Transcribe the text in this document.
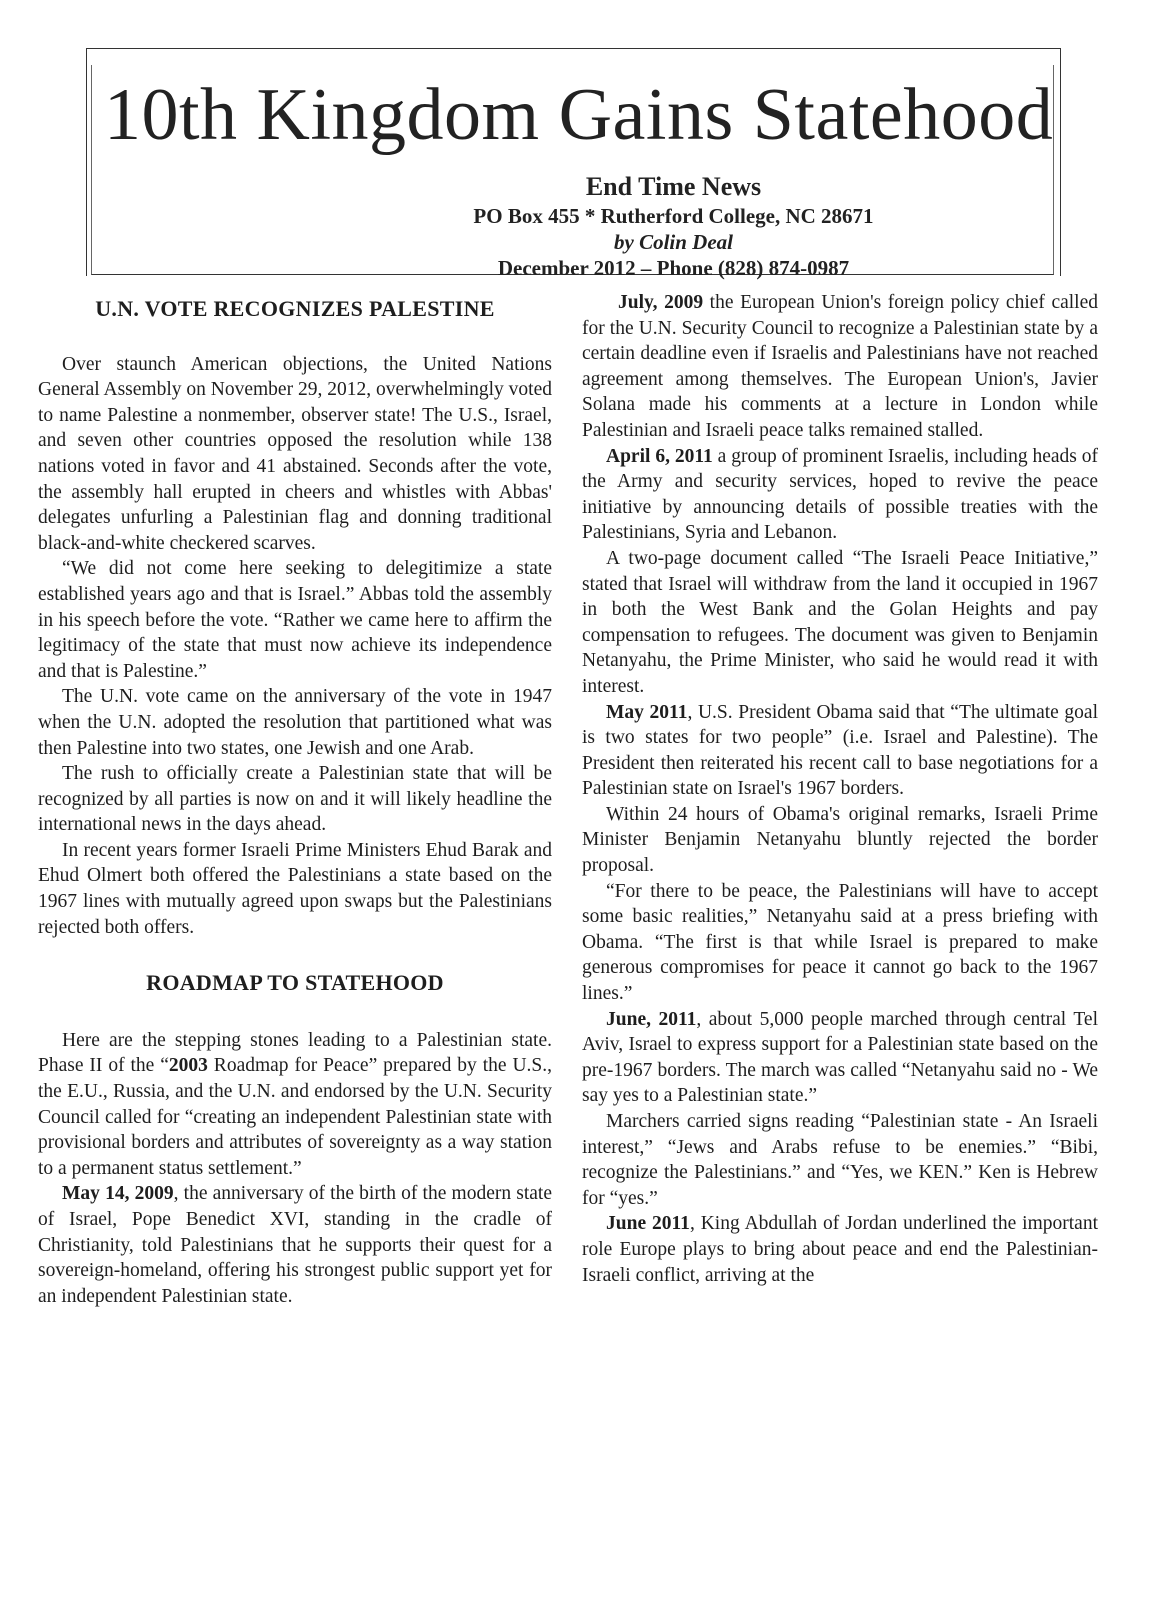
10th Kingdom Gains Statehood
End Time News
PO Box 455 * Rutherford College, NC 28671
by Colin Deal
December 2012 – Phone (828) 874-0987
U.N. VOTE RECOGNIZES PALESTINE

Over staunch American objections, the United Nations General Assembly on November 29, 2012, overwhelmingly voted to name Palestine a nonmember, observer state! The U.S., Israel, and seven other countries opposed the resolution while 138 nations voted in favor and 41 abstained. Seconds after the vote, the assembly hall erupted in cheers and whistles with Abbas' delegates unfurling a Palestinian flag and donning traditional black-and-white checkered scarves.

“We did not come here seeking to delegitimize a state established years ago and that is Israel.” Abbas told the assembly in his speech before the vote. “Rather we came here to affirm the legitimacy of the state that must now achieve its independence and that is Palestine.”

The U.N. vote came on the anniversary of the vote in 1947 when the U.N. adopted the resolution that partitioned what was then Palestine into two states, one Jewish and one Arab.

The rush to officially create a Palestinian state that will be recognized by all parties is now on and it will likely headline the international news in the days ahead.

In recent years former Israeli Prime Ministers Ehud Barak and Ehud Olmert both offered the Palestinians a state based on the 1967 lines with mutually agreed upon swaps but the Palestinians rejected both offers.

ROADMAP TO STATEHOOD

Here are the stepping stones leading to a Palestinian state. Phase II of the “2003 Roadmap for Peace” prepared by the U.S., the E.U., Russia, and the U.N. and endorsed by the U.N. Security Council called for “creating an independent Palestinian state with provisional borders and attributes of sovereignty as a way station to a permanent status settlement.”

May 14, 2009, the anniversary of the birth of the modern state of Israel, Pope Benedict XVI, standing in the cradle of Christianity, told Palestinians that he supports their quest for a sovereign-homeland, offering his strongest public support yet for an independent Palestinian state.

July, 2009 the European Union's foreign policy chief called for the U.N. Security Council to recognize a Palestinian state by a certain deadline even if Israelis and Palestinians have not reached agreement among themselves. The European Union's, Javier Solana made his comments at a lecture in London while Palestinian and Israeli peace talks remained stalled.

April 6, 2011 a group of prominent Israelis, including heads of the Army and security services, hoped to revive the peace initiative by announcing details of possible treaties with the Palestinians, Syria and Lebanon.

A two-page document called “The Israeli Peace Initiative,” stated that Israel will withdraw from the land it occupied in 1967 in both the West Bank and the Golan Heights and pay compensation to refugees. The document was given to Benjamin Netanyahu, the Prime Minister, who said he would read it with interest.

May 2011, U.S. President Obama said that “The ultimate goal is two states for two people” (i.e. Israel and Palestine). The President then reiterated his recent call to base negotiations for a Palestinian state on Israel's 1967 borders.

Within 24 hours of Obama's original remarks, Israeli Prime Minister Benjamin Netanyahu bluntly rejected the border proposal.

“For there to be peace, the Palestinians will have to accept some basic realities,” Netanyahu said at a press briefing with Obama. “The first is that while Israel is prepared to make generous compromises for peace it cannot go back to the 1967 lines.”

June, 2011, about 5,000 people marched through central Tel Aviv, Israel to express support for a Palestinian state based on the pre-1967 borders. The march was called “Netanyahu said no - We say yes to a Palestinian state.”

Marchers carried signs reading “Palestinian state - An Israeli interest,” “Jews and Arabs refuse to be enemies.” “Bibi, recognize the Palestinians.” and “Yes, we KEN.” Ken is Hebrew for “yes.”

June 2011, King Abdullah of Jordan underlined the important role Europe plays to bring about peace and end the Palestinian-Israeli conflict, arriving at the
